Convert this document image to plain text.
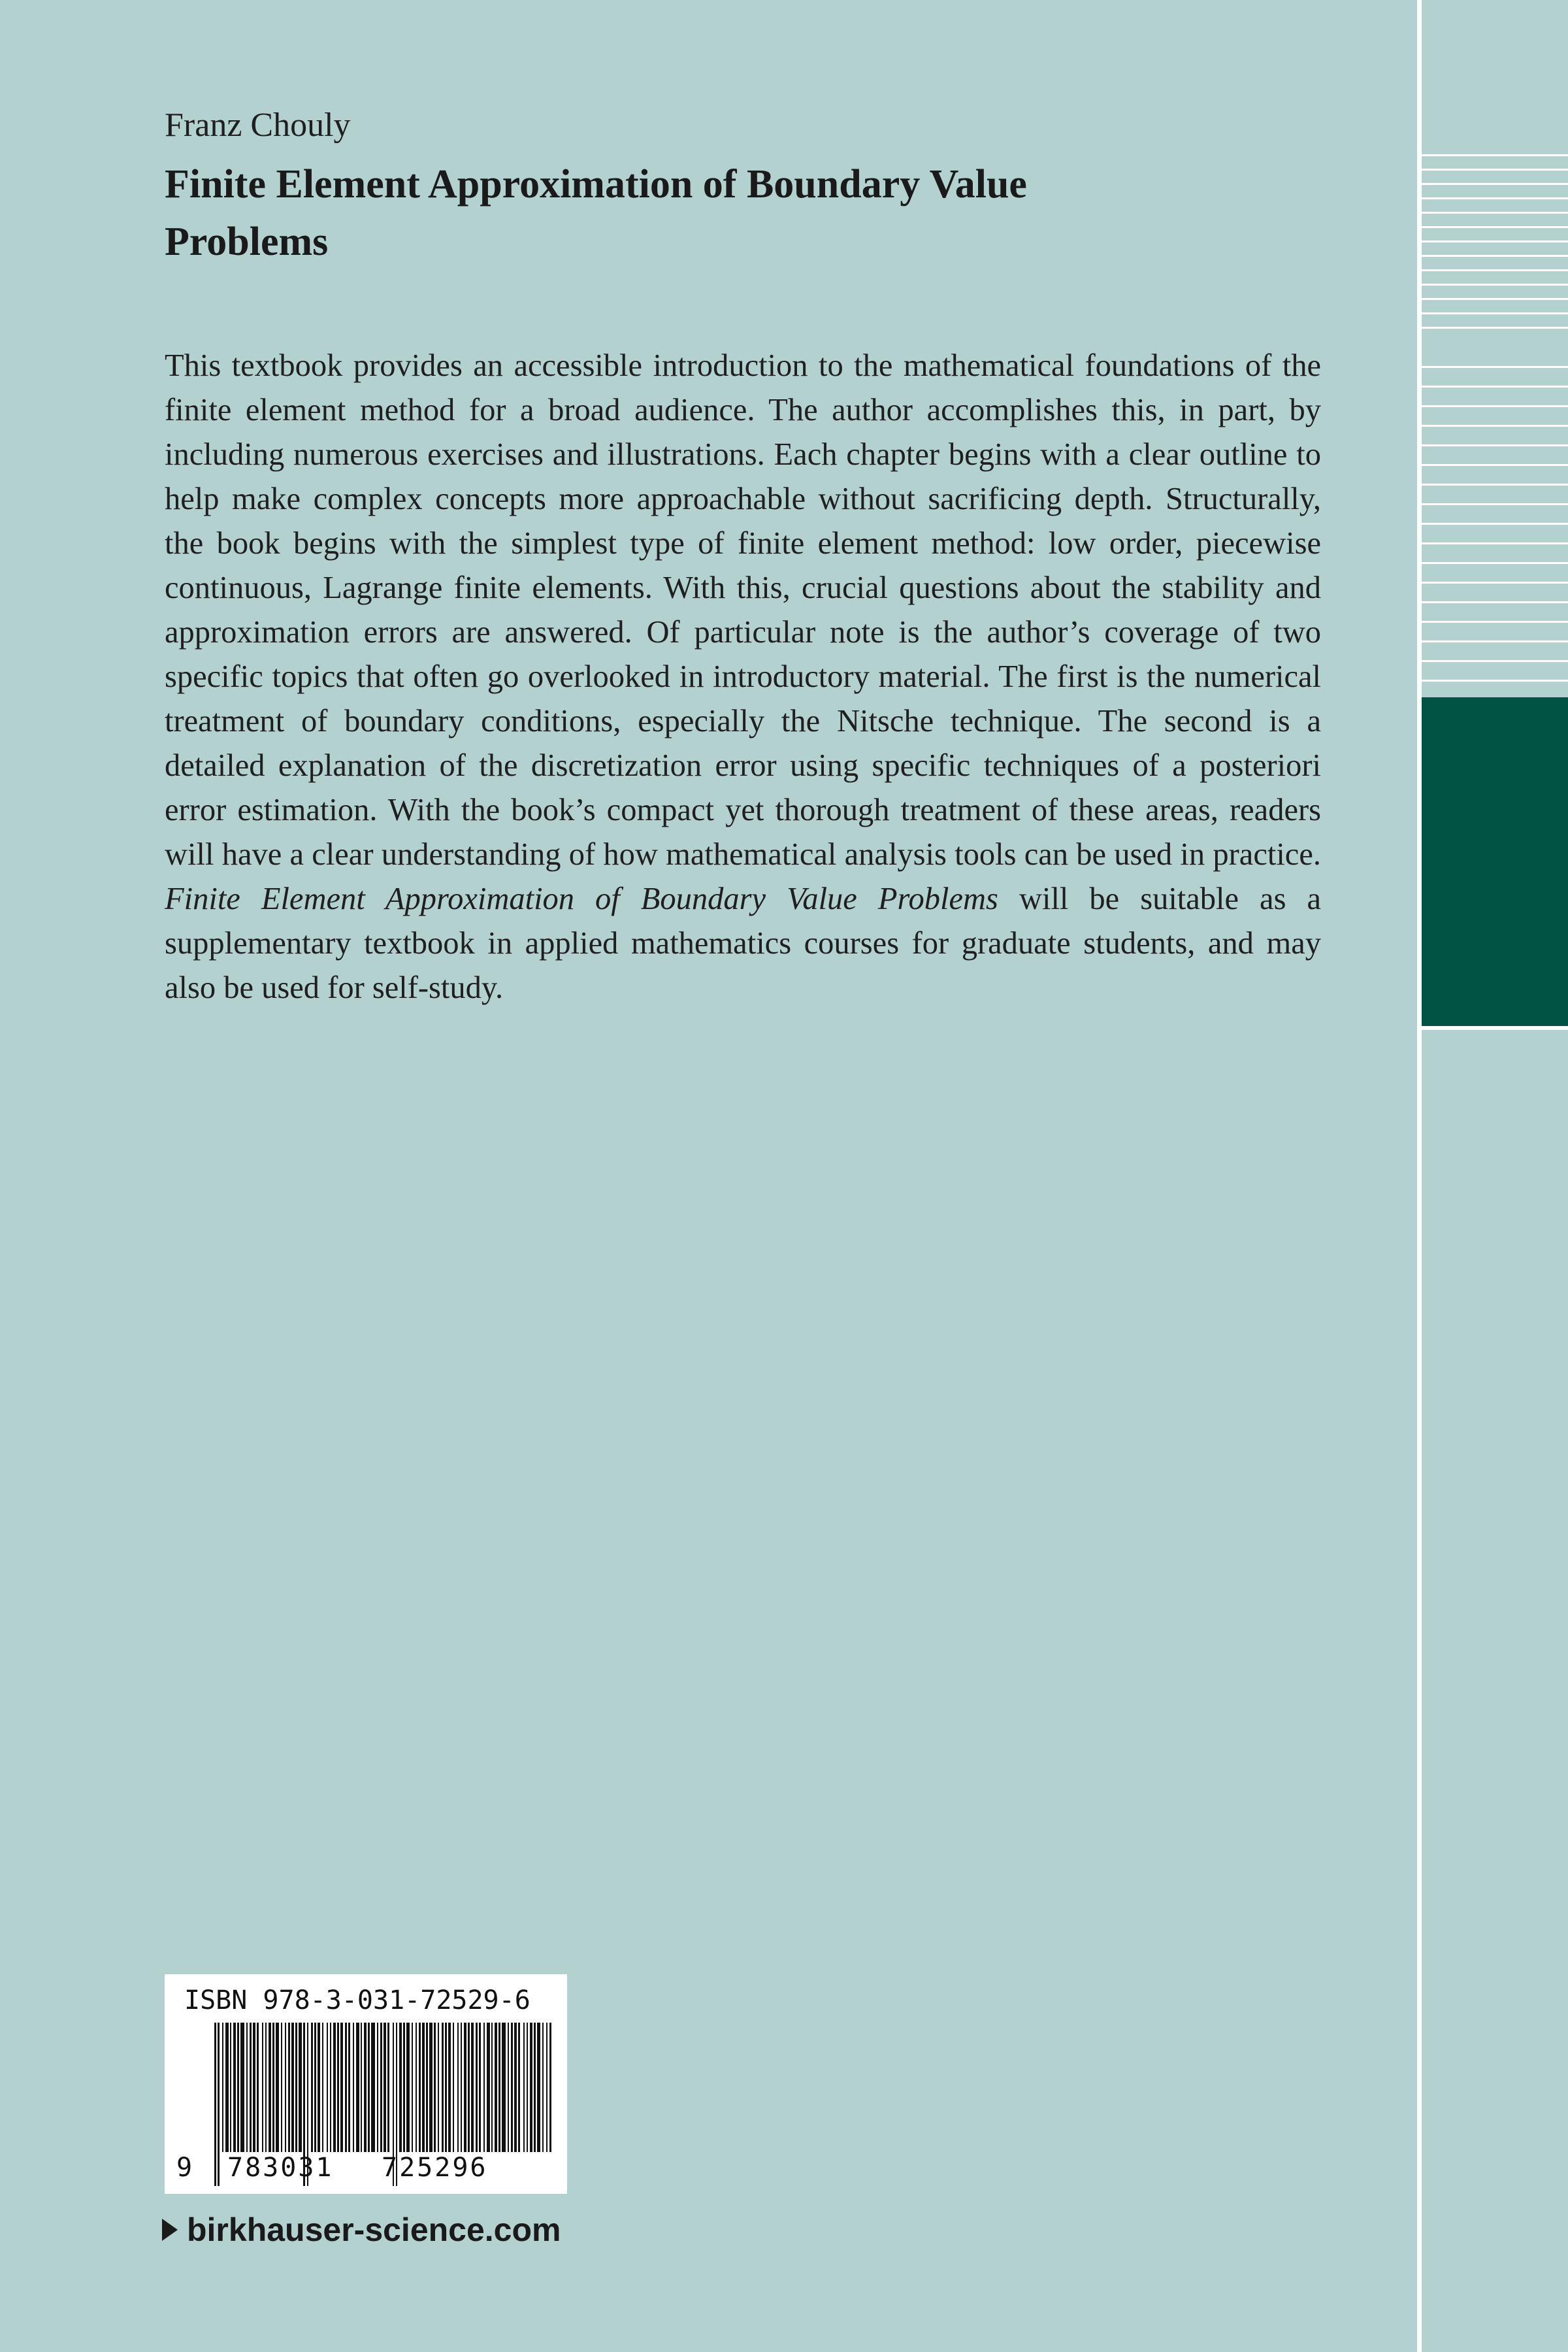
Franz Chouly
Finite Element Approximation of Boundary Value
Problems
This textbook provides an accessible introduction to the mathematical foundations of the finite element method for a broad audience. The author accomplishes this, in part, by including numerous exercises and illustrations. Each chapter begins with a clear outline to help make complex concepts more approachable without sacrificing depth. Structurally, the book begins with the simplest type of finite element method: low order, piecewise continuous, Lagrange finite elements. With this, crucial questions about the stability and approximation errors are answered. Of particular note is the author’s coverage of two specific topics that often go overlooked in introductory material. The first is the numerical treatment of boundary conditions, especially the Nitsche technique. The second is a detailed explanation of the discretization error using specific techniques of a posteriori error estimation. With the book’s compact yet thorough treatment of these areas, readers will have a clear understanding of how mathematical analysis tools can be used in practice. Finite Element Approximation of Boundary Value Problems will be suitable as a supplementary textbook in applied mathematics courses for graduate students, and may also be used for self-study.
ISBN 978-3-031-72529-6
9 783031 725296
birkhauser-science.com
